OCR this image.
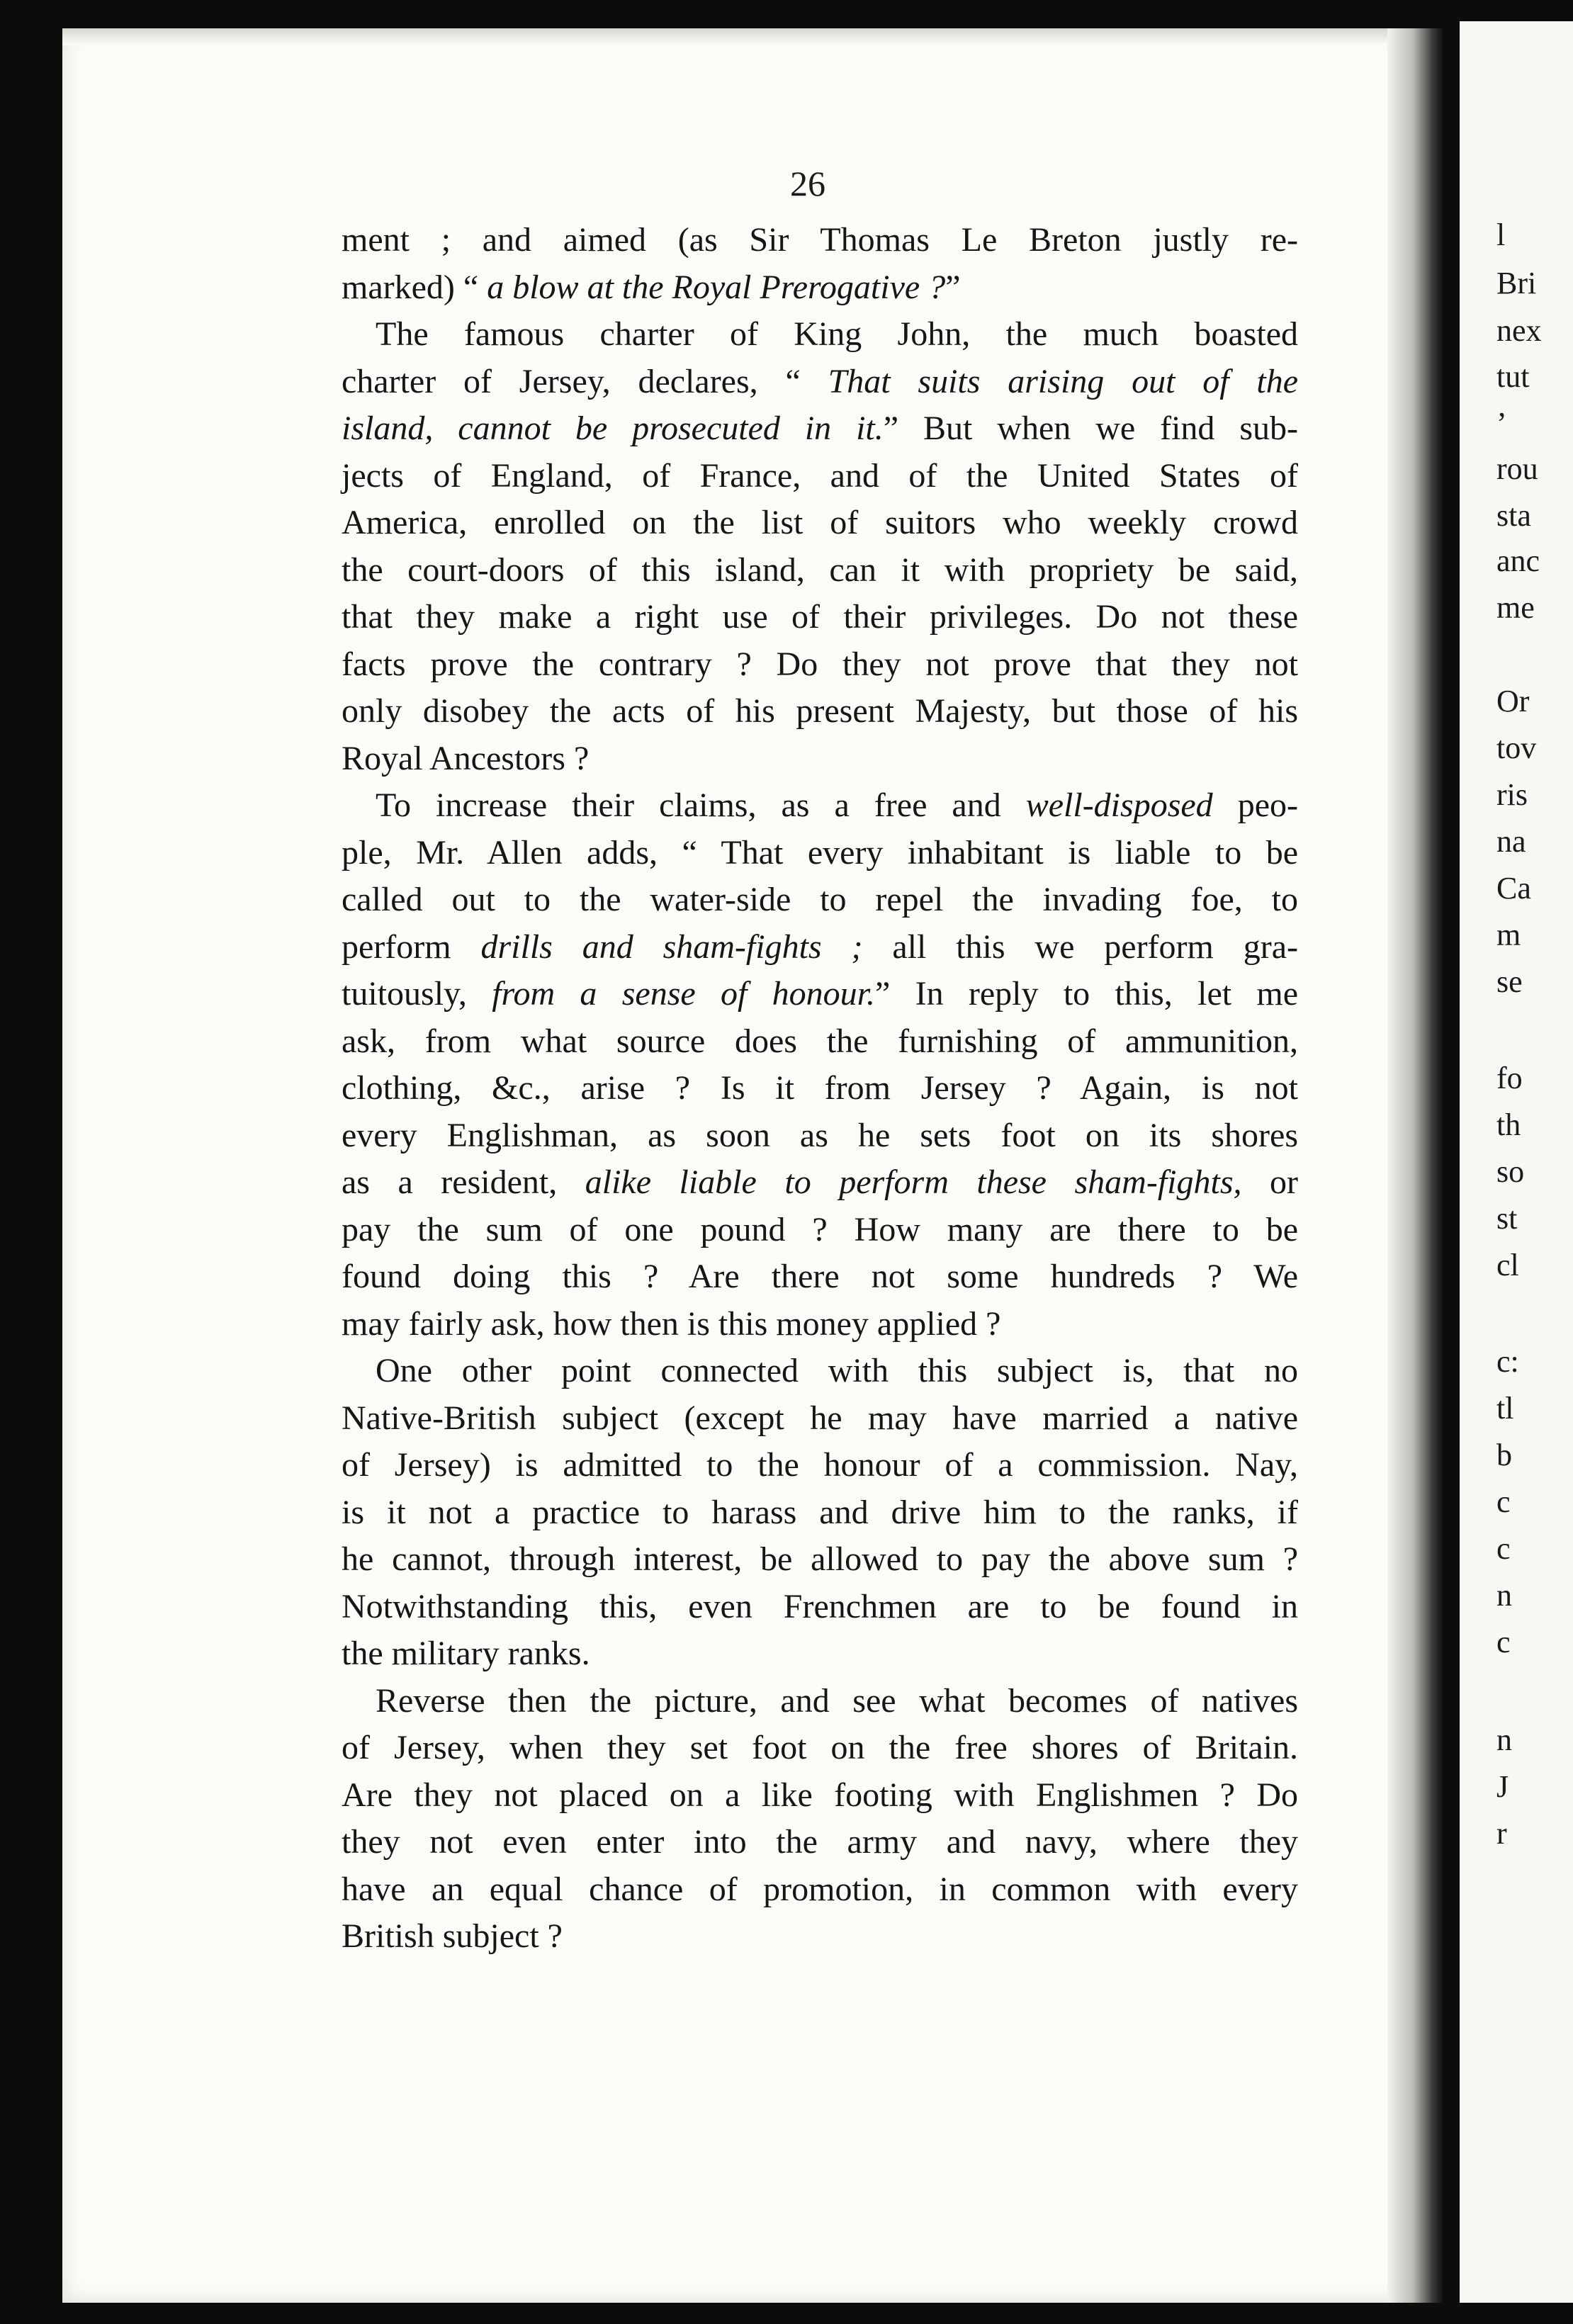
l
Bri
nex
tut
’
rou
sta
anc
me
Or
tov
ris
na
Ca
m
se
fo
th
so
st
cl
c:
tl
b
c
c
n
c
n
J
r
26
ment ; and aimed (as Sir Thomas Le Breton justly re-
marked) “ a blow at the Royal Prerogative ?”
The famous charter of King John, the much boasted
charter of Jersey, declares, “ That suits arising out of the
island, cannot be prosecuted in it.” But when we find sub-
jects of England, of France, and of the United States of
America, enrolled on the list of suitors who weekly crowd
the court-doors of this island, can it with propriety be said,
that they make a right use of their privileges. Do not these
facts prove the contrary ? Do they not prove that they not
only disobey the acts of his present Majesty, but those of his
Royal Ancestors ?
To increase their claims, as a free and well-disposed peo-
ple, Mr. Allen adds, “ That every inhabitant is liable to be
called out to the water-side to repel the invading foe, to
perform drills and sham-fights ; all this we perform gra-
tuitously, from a sense of honour.” In reply to this, let me
ask, from what source does the furnishing of ammunition,
clothing, &c., arise ? Is it from Jersey ? Again, is not
every Englishman, as soon as he sets foot on its shores
as a resident, alike liable to perform these sham-fights, or
pay the sum of one pound ? How many are there to be
found doing this ? Are there not some hundreds ? We
may fairly ask, how then is this money applied ?
One other point connected with this subject is, that no
Native-British subject (except he may have married a native
of Jersey) is admitted to the honour of a commission. Nay,
is it not a practice to harass and drive him to the ranks, if
he cannot, through interest, be allowed to pay the above sum ?
Notwithstanding this, even Frenchmen are to be found in
the military ranks.
Reverse then the picture, and see what becomes of natives
of Jersey, when they set foot on the free shores of Britain.
Are they not placed on a like footing with Englishmen ? Do
they not even enter into the army and navy, where they
have an equal chance of promotion, in common with every
British subject ?
